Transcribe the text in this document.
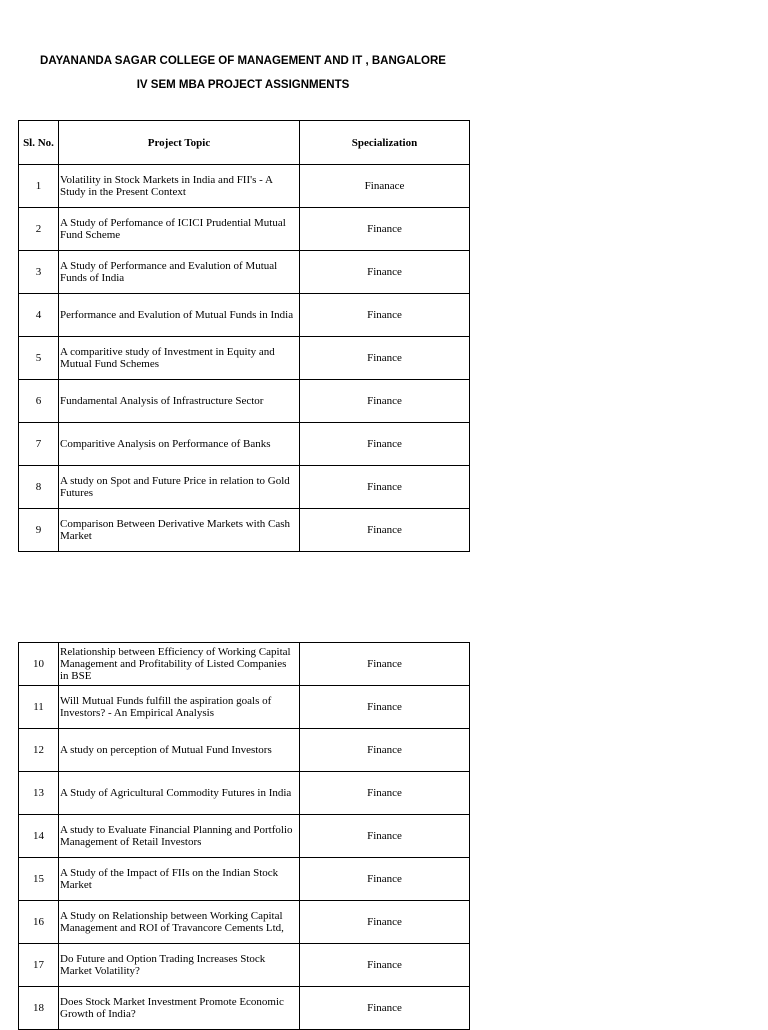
DAYANANDA SAGAR COLLEGE OF MANAGEMENT AND IT , BANGALORE
IV SEM MBA PROJECT ASSIGNMENTS
Sl. No.	Project Topic	Specialization
1	Volatility in Stock Markets in India and FII's - A Study in the Present Context	Finanace
2	A Study of Perfomance of ICICI Prudential Mutual Fund Scheme	Finance
3	A Study of Performance and Evalution of Mutual Funds of India	Finance
4	Performance and Evalution of Mutual Funds in India	Finance
5	A comparitive study of Investment in Equity and Mutual Fund Schemes	Finance
6	Fundamental Analysis of Infrastructure Sector	Finance
7	Comparitive Analysis on Performance of Banks	Finance
8	A study on Spot and Future Price in relation to Gold Futures	Finance
9	Comparison Between Derivative Markets with Cash Market	Finance
10	Relationship between Efficiency of Working Capital Management and Profitability of Listed Companies in BSE	Finance
11	Will Mutual Funds fulfill the aspiration goals of Investors? - An Empirical Analysis	Finance
12	A study on perception of Mutual Fund Investors	Finance
13	A Study of Agricultural Commodity Futures in India	Finance
14	A study to Evaluate Financial Planning and Portfolio Management of Retail Investors	Finance
15	A Study of the Impact of FIIs on the Indian Stock Market	Finance
16	A Study on Relationship between Working Capital Management and ROI of Travancore Cements Ltd,	Finance
17	Do Future and Option Trading Increases Stock Market Volatility?	Finance
18	Does Stock Market Investment Promote Economic Growth of India?	Finance
